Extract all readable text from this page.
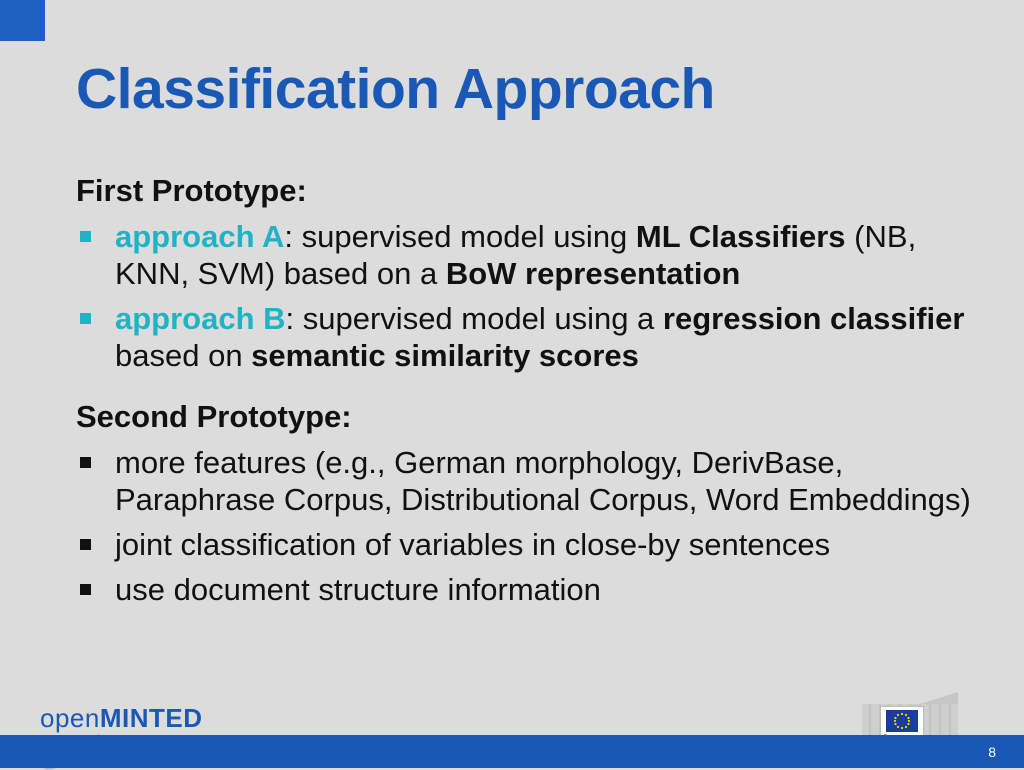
Classification Approach
First Prototype:
approach A: supervised model using ML Classifiers (NB, KNN, SVM) based on a BoW representation
approach B: supervised model using a regression classifier based on semantic similarity scores
Second Prototype:
more features (e.g., German morphology, DerivBase, Paraphrase Corpus, Distributional Corpus, Word Embeddings)
joint classification of variables in close-by sentences
use document structure information
openMINTED
8
